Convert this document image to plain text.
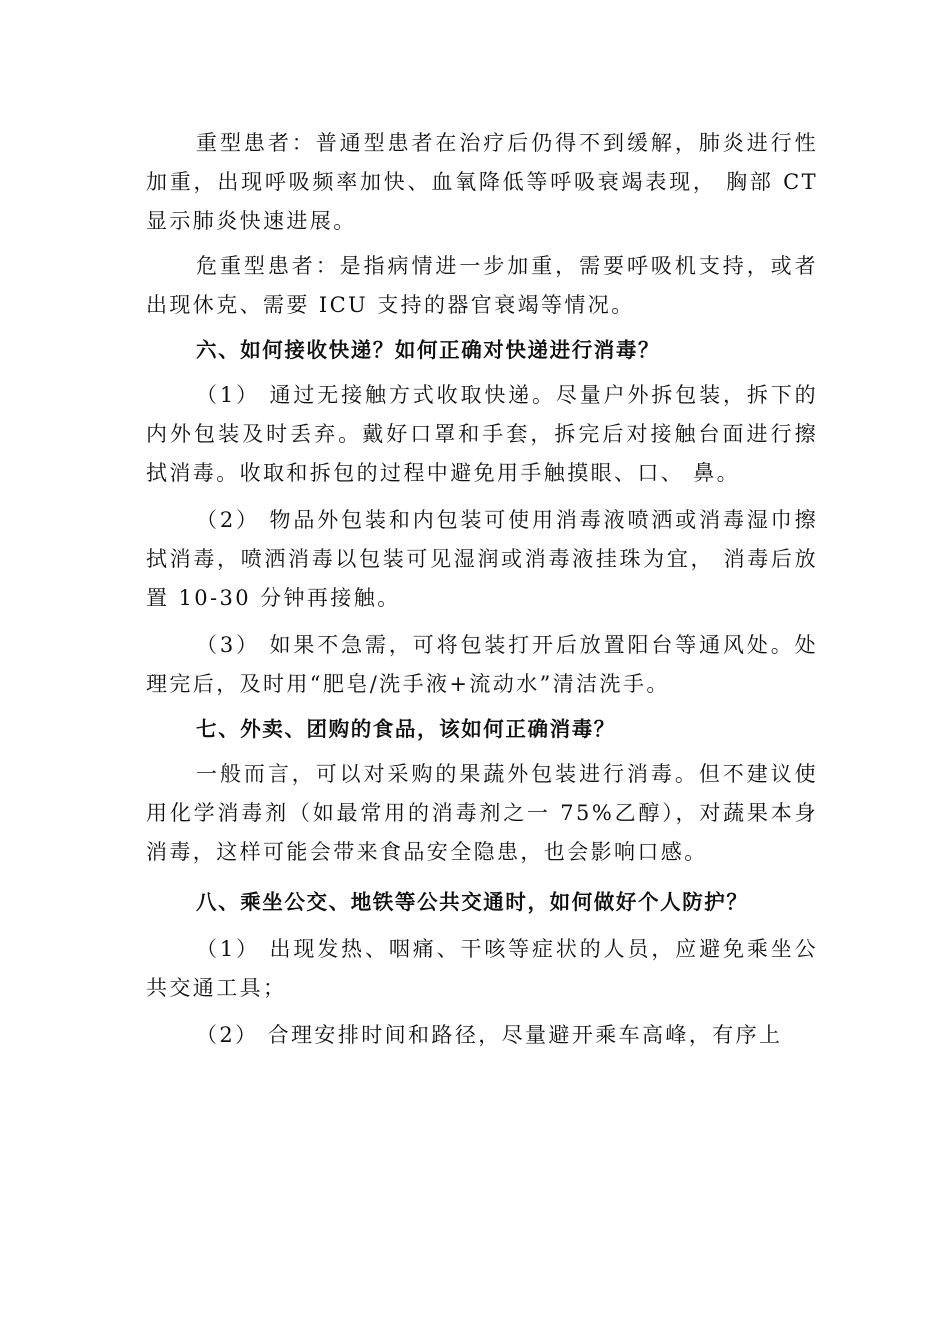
重型患者：普通型患者在治疗后仍得不到缓解，肺炎进行性加重，出现呼吸频率加快、血氧降低等呼吸衰竭表现， 胸部 CT 显示肺炎快速进展。

危重型患者：是指病情进一步加重，需要呼吸机支持，或者出现休克、需要 ICU 支持的器官衰竭等情况。

六、如何接收快递？如何正确对快递进行消毒？

（1） 通过无接触方式收取快递。尽量户外拆包装，拆下的内外包装及时丢弃。戴好口罩和手套，拆完后对接触台面进行擦拭消毒。收取和拆包的过程中避免用手触摸眼、口、 鼻。

（2） 物品外包装和内包装可使用消毒液喷洒或消毒湿巾擦拭消毒，喷洒消毒以包装可见湿润或消毒液挂珠为宜， 消毒后放置 10-30 分钟再接触。

（3） 如果不急需，可将包装打开后放置阳台等通风处。处理完后，及时用“肥皂/洗手液+流动水”清洁洗手。

七、外卖、团购的食品，该如何正确消毒？

一般而言，可以对采购的果蔬外包装进行消毒。但不建议使用化学消毒剂（如最常用的消毒剂之一 75%乙醇），对蔬果本身消毒，这样可能会带来食品安全隐患，也会影响口感。

八、乘坐公交、地铁等公共交通时，如何做好个人防护？

（1） 出现发热、咽痛、干咳等症状的人员，应避免乘坐公共交通工具；

（2） 合理安排时间和路径，尽量避开乘车高峰，有序上
